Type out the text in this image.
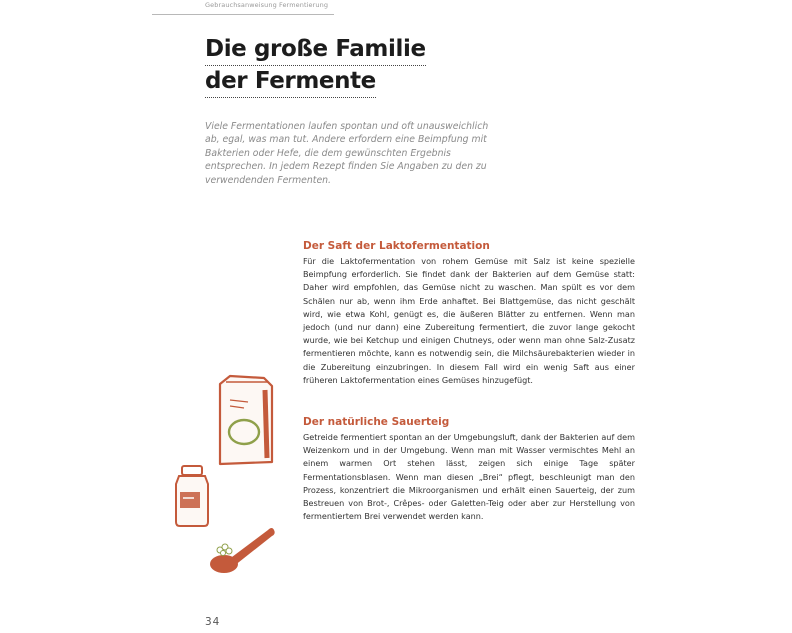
Gebrauchsanweisung Fermentierung
Die große Familie
der Fermente
Viele Fermentationen laufen spontan und oft unausweichlich ab, egal, was man tut. Andere erfordern eine Beimpfung mit Bakterien oder Hefe, die dem gewünschten Ergebnis entsprechen. In jedem Rezept finden Sie Angaben zu den zu verwendenden Fermenten.
Der Saft der Laktofermentation

Für die Laktofermentation von rohem Gemüse mit Salz ist keine spezielle Beimpfung erforderlich. Sie findet dank der Bakterien auf dem Gemüse statt: Daher wird empfohlen, das Gemüse nicht zu waschen. Man spült es vor dem Schälen nur ab, wenn ihm Erde anhaftet. Bei Blattgemüse, das nicht geschält wird, wie etwa Kohl, genügt es, die äußeren Blätter zu entfernen. Wenn man jedoch (und nur dann) eine Zubereitung fermentiert, die zuvor lange gekocht wurde, wie bei Ketchup und einigen Chutneys, oder wenn man ohne Salz-Zusatz fermentieren möchte, kann es notwendig sein, die Milchsäurebakterien wieder in die Zubereitung einzubringen. In diesem Fall wird ein wenig Saft aus einer früheren Laktofermentation eines Gemüses hinzugefügt.

Der natürliche Sauerteig

Getreide fermentiert spontan an der Umgebungsluft, dank der Bakterien auf dem Weizenkorn und in der Umgebung. Wenn man mit Wasser vermischtes Mehl an einem warmen Ort stehen lässt, zeigen sich einige Tage später Fermentationsblasen. Wenn man diesen „Brei“ pflegt, beschleunigt man den Prozess, konzentriert die Mikroorganismen und erhält einen Sauerteig, der zum Bestreuen von Brot-, Crêpes- oder Galetten-Teig oder aber zur Herstellung von fermentiertem Brei verwendet werden kann.

34
